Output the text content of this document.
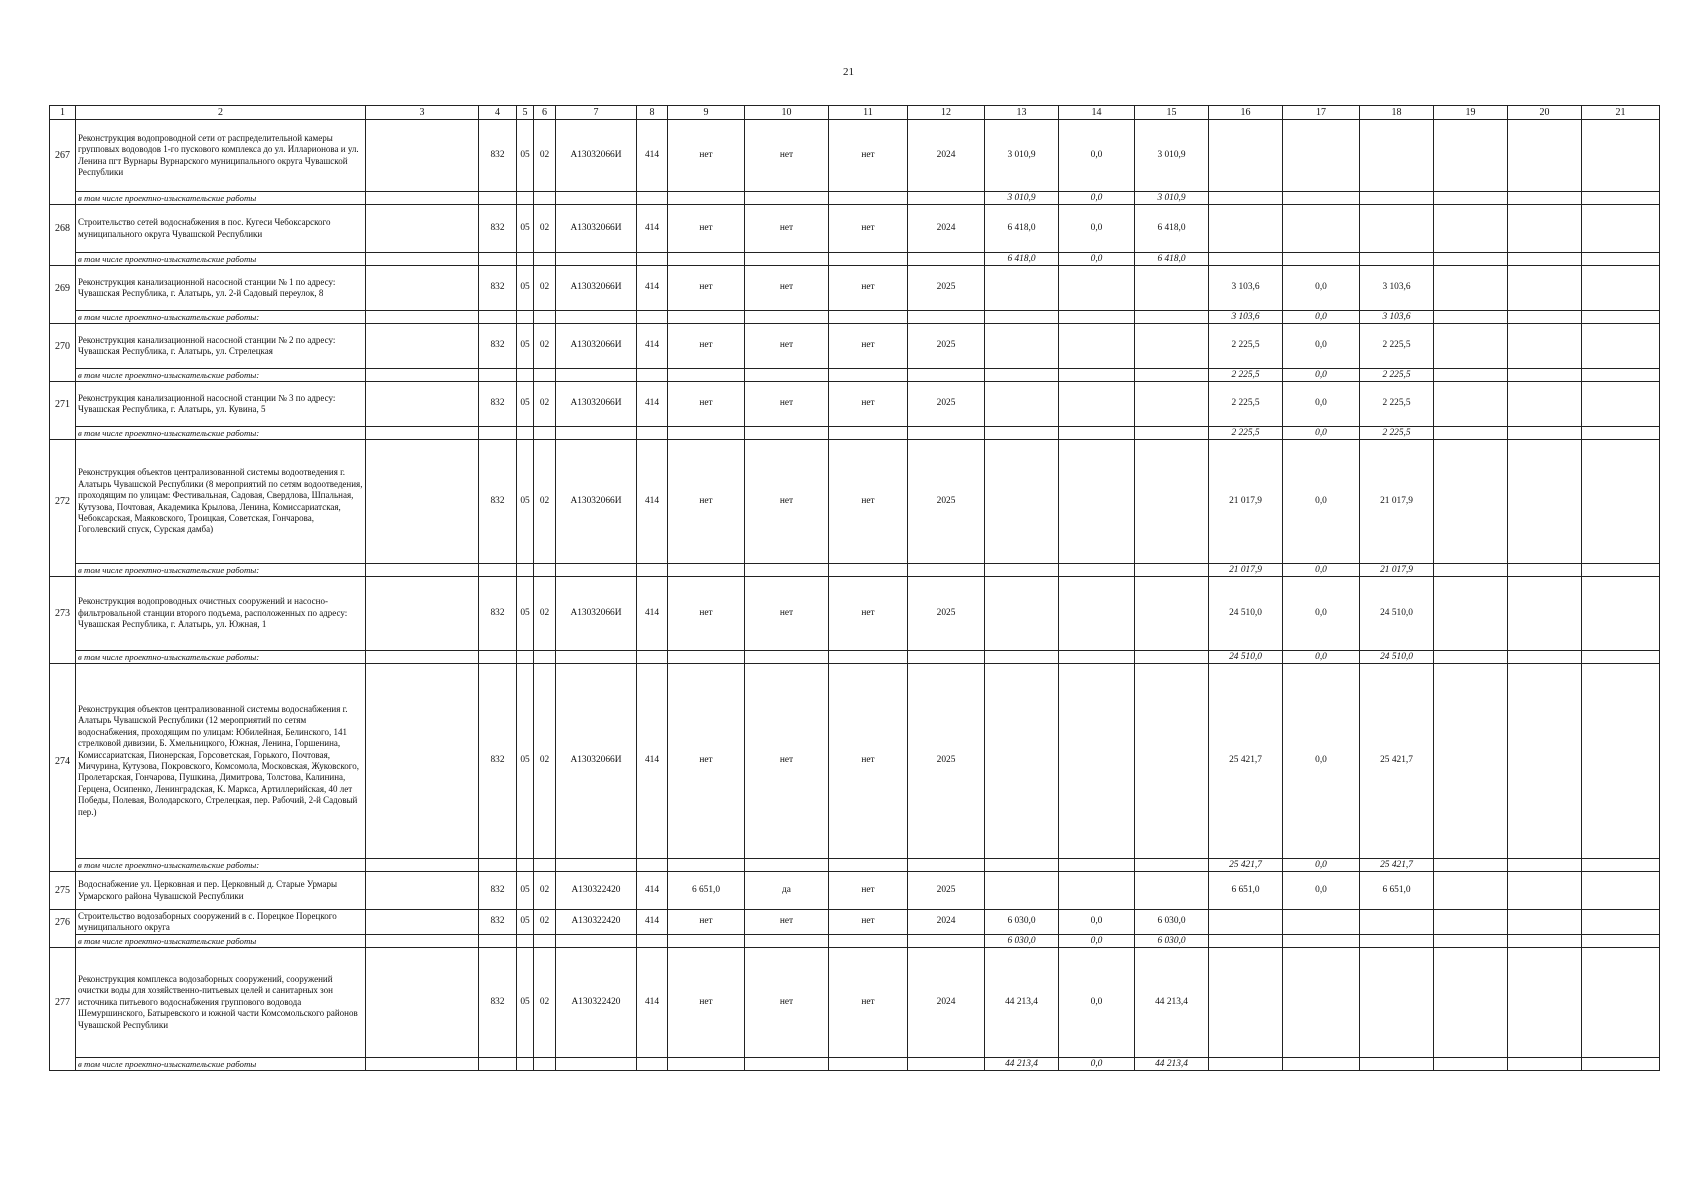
21
1	2	3	4	5	6	7	8	9	10	11	12	13	14	15	16	17	18	19	20	21
267	Реконструкция водопроводной сети от распределительной камеры групповых водоводов 1-го пускового комплекса до ул. Илларионова и ул. Ленина пгт Вурнары Вурнарского муниципального округа Чувашской Республики		832	05	02	А13032066И	414	нет	нет	нет	2024	3 010,9	0,0	3 010,9						
	в том числе проектно-изыскательские работы											3 010,9	0,0	3 010,9						
268	Строительство сетей водоснабжения в пос. Кугеси Чебоксарского муниципального округа Чувашской Республики		832	05	02	А13032066И	414	нет	нет	нет	2024	6 418,0	0,0	6 418,0						
	в том числе проектно-изыскательские работы											6 418,0	0,0	6 418,0						
269	Реконструкция канализационной насосной станции № 1 по адресу: Чувашская Республика, г. Алатырь, ул. 2-й Садовый переулок, 8		832	05	02	А13032066И	414	нет	нет	нет	2025				3 103,6	0,0	3 103,6			
	в том числе проектно-изыскательские работы:														3 103,6	0,0	3 103,6			
270	Реконструкция канализационной насосной станции № 2 по адресу: Чувашская Республика, г. Алатырь, ул. Стрелецкая		832	05	02	А13032066И	414	нет	нет	нет	2025				2 225,5	0,0	2 225,5			
	в том числе проектно-изыскательские работы:														2 225,5	0,0	2 225,5			
271	Реконструкция канализационной насосной станции № 3 по адресу: Чувашская Республика, г. Алатырь, ул. Кувина, 5		832	05	02	А13032066И	414	нет	нет	нет	2025				2 225,5	0,0	2 225,5			
	в том числе проектно-изыскательские работы:														2 225,5	0,0	2 225,5			
272	Реконструкция объектов централизованной системы водоотведения г. Алатырь Чувашской Республики (8 мероприятий по сетям водоотведения, проходящим по улицам: Фестивальная, Садовая, Свердлова, Шпальная, Кутузова, Почтовая, Академика Крылова, Ленина, Комиссариатская, Чебоксарская, Маяковского, Троицкая, Советская, Гончарова, Гоголевский спуск, Сурская дамба)		832	05	02	А13032066И	414	нет	нет	нет	2025				21 017,9	0,0	21 017,9			
	в том числе проектно-изыскательские работы:														21 017,9	0,0	21 017,9			
273	Реконструкция водопроводных очистных сооружений и насосно-фильтровальной станции второго подъема, расположенных по адресу: Чувашская Республика, г. Алатырь, ул. Южная, 1		832	05	02	А13032066И	414	нет	нет	нет	2025				24 510,0	0,0	24 510,0			
	в том числе проектно-изыскательские работы:														24 510,0	0,0	24 510,0			
274	Реконструкция объектов централизованной системы водоснабжения г. Алатырь Чувашской Республики (12 мероприятий по сетям водоснабжения, проходящим по улицам: Юбилейная, Белинского, 141 стрелковой дивизии, Б. Хмельницкого, Южная, Ленина, Горшенина, Комиссариатская, Пионерская, Горсоветская, Горького, Почтовая, Мичурина, Кутузова, Покровского, Комсомола, Московская, Жуковского, Пролетарская, Гончарова, Пушкина, Димитрова, Толстова, Калинина, Герцена, Осипенко, Ленинградская, К. Маркса, Артиллерийская, 40 лет Победы, Полевая, Володарского, Стрелецкая, пер. Рабочий, 2-й Садовый пер.)		832	05	02	А13032066И	414	нет	нет	нет	2025				25 421,7	0,0	25 421,7			
	в том числе проектно-изыскательские работы:														25 421,7	0,0	25 421,7			
275	Водоснабжение ул. Церковная и пер. Церковный д. Старые Урмары Урмарского района Чувашской Республики		832	05	02	А130322420	414	6 651,0	да	нет	2025				6 651,0	0,0	6 651,0			
276	Строительство водозаборных сооружений в с. Порецкое Порецкого муниципального округа		832	05	02	А130322420	414	нет	нет	нет	2024	6 030,0	0,0	6 030,0						
	в том числе проектно-изыскательские работы											6 030,0	0,0	6 030,0						
277	Реконструкция комплекса водозаборных сооружений, сооружений очистки воды для хозяйственно-питьевых целей и санитарных зон источника питьевого водоснабжения группового водовода Шемуршинского, Батыревского и южной части Комсомольского районов Чувашской Республики		832	05	02	А130322420	414	нет	нет	нет	2024	44 213,4	0,0	44 213,4						
	в том числе проектно-изыскательские работы											44 213,4	0,0	44 213,4						
